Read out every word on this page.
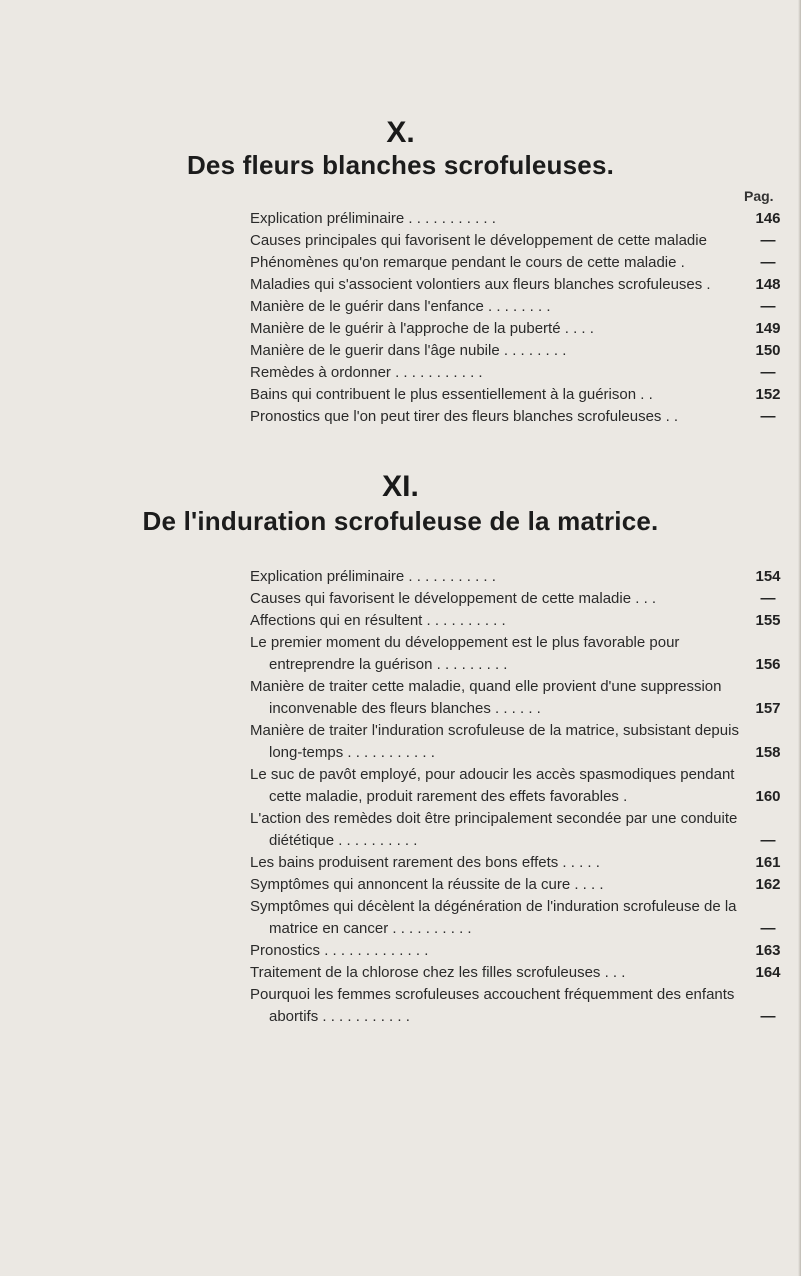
X.
Des fleurs blanches scrofuleuses.
Pag.
Explication préliminaire . . . . . . . . . . .	146
Causes principales qui favorisent le développement de cette maladie	—
Phénomènes qu'on remarque pendant le cours de cette maladie .	—
Maladies qui s'associent volontiers aux fleurs blanches scrofuleuses .	148
Manière de le guérir dans l'enfance . . . . . . . .	—
Manière de le guérir à l'approche de la puberté . . . .	149
Manière de le guerir dans l'âge nubile . . . . . . . .	150
Remèdes à ordonner . . . . . . . . . . .	—
Bains qui contribuent le plus essentiellement à la guérison . .	152
Pronostics que l'on peut tirer des fleurs blanches scrofuleuses . .	—
XI.
De l'induration scrofuleuse de la matrice.
Explication préliminaire . . . . . . . . . . .	154
Causes qui favorisent le développement de cette maladie . . .	—
Affections qui en résultent . . . . . . . . . .	155
Le premier moment du développement est le plus favorable pour entreprendre la guérison . . . . . . . . .	156
Manière de traiter cette maladie, quand elle provient d'une suppression inconvenable des fleurs blanches . . . . . .	157
Manière de traiter l'induration scrofuleuse de la matrice, subsistant depuis long-temps . . . . . . . . . . .	158
Le suc de pavôt employé, pour adoucir les accès spasmodiques pendant cette maladie, produit rarement des effets favorables .	160
L'action des remèdes doit être principalement secondée par une conduite diététique . . . . . . . . . .	—
Les bains produisent rarement des bons effets . . . . .	161
Symptômes qui annoncent la réussite de la cure . . . .	162
Symptômes qui décèlent la dégénération de l'induration scrofuleuse de la matrice en cancer . . . . . . . . . .	—
Pronostics . . . . . . . . . . . . .	163
Traitement de la chlorose chez les filles scrofuleuses . . .	164
Pourquoi les femmes scrofuleuses accouchent fréquemment des enfants abortifs . . . . . . . . . . .	—
